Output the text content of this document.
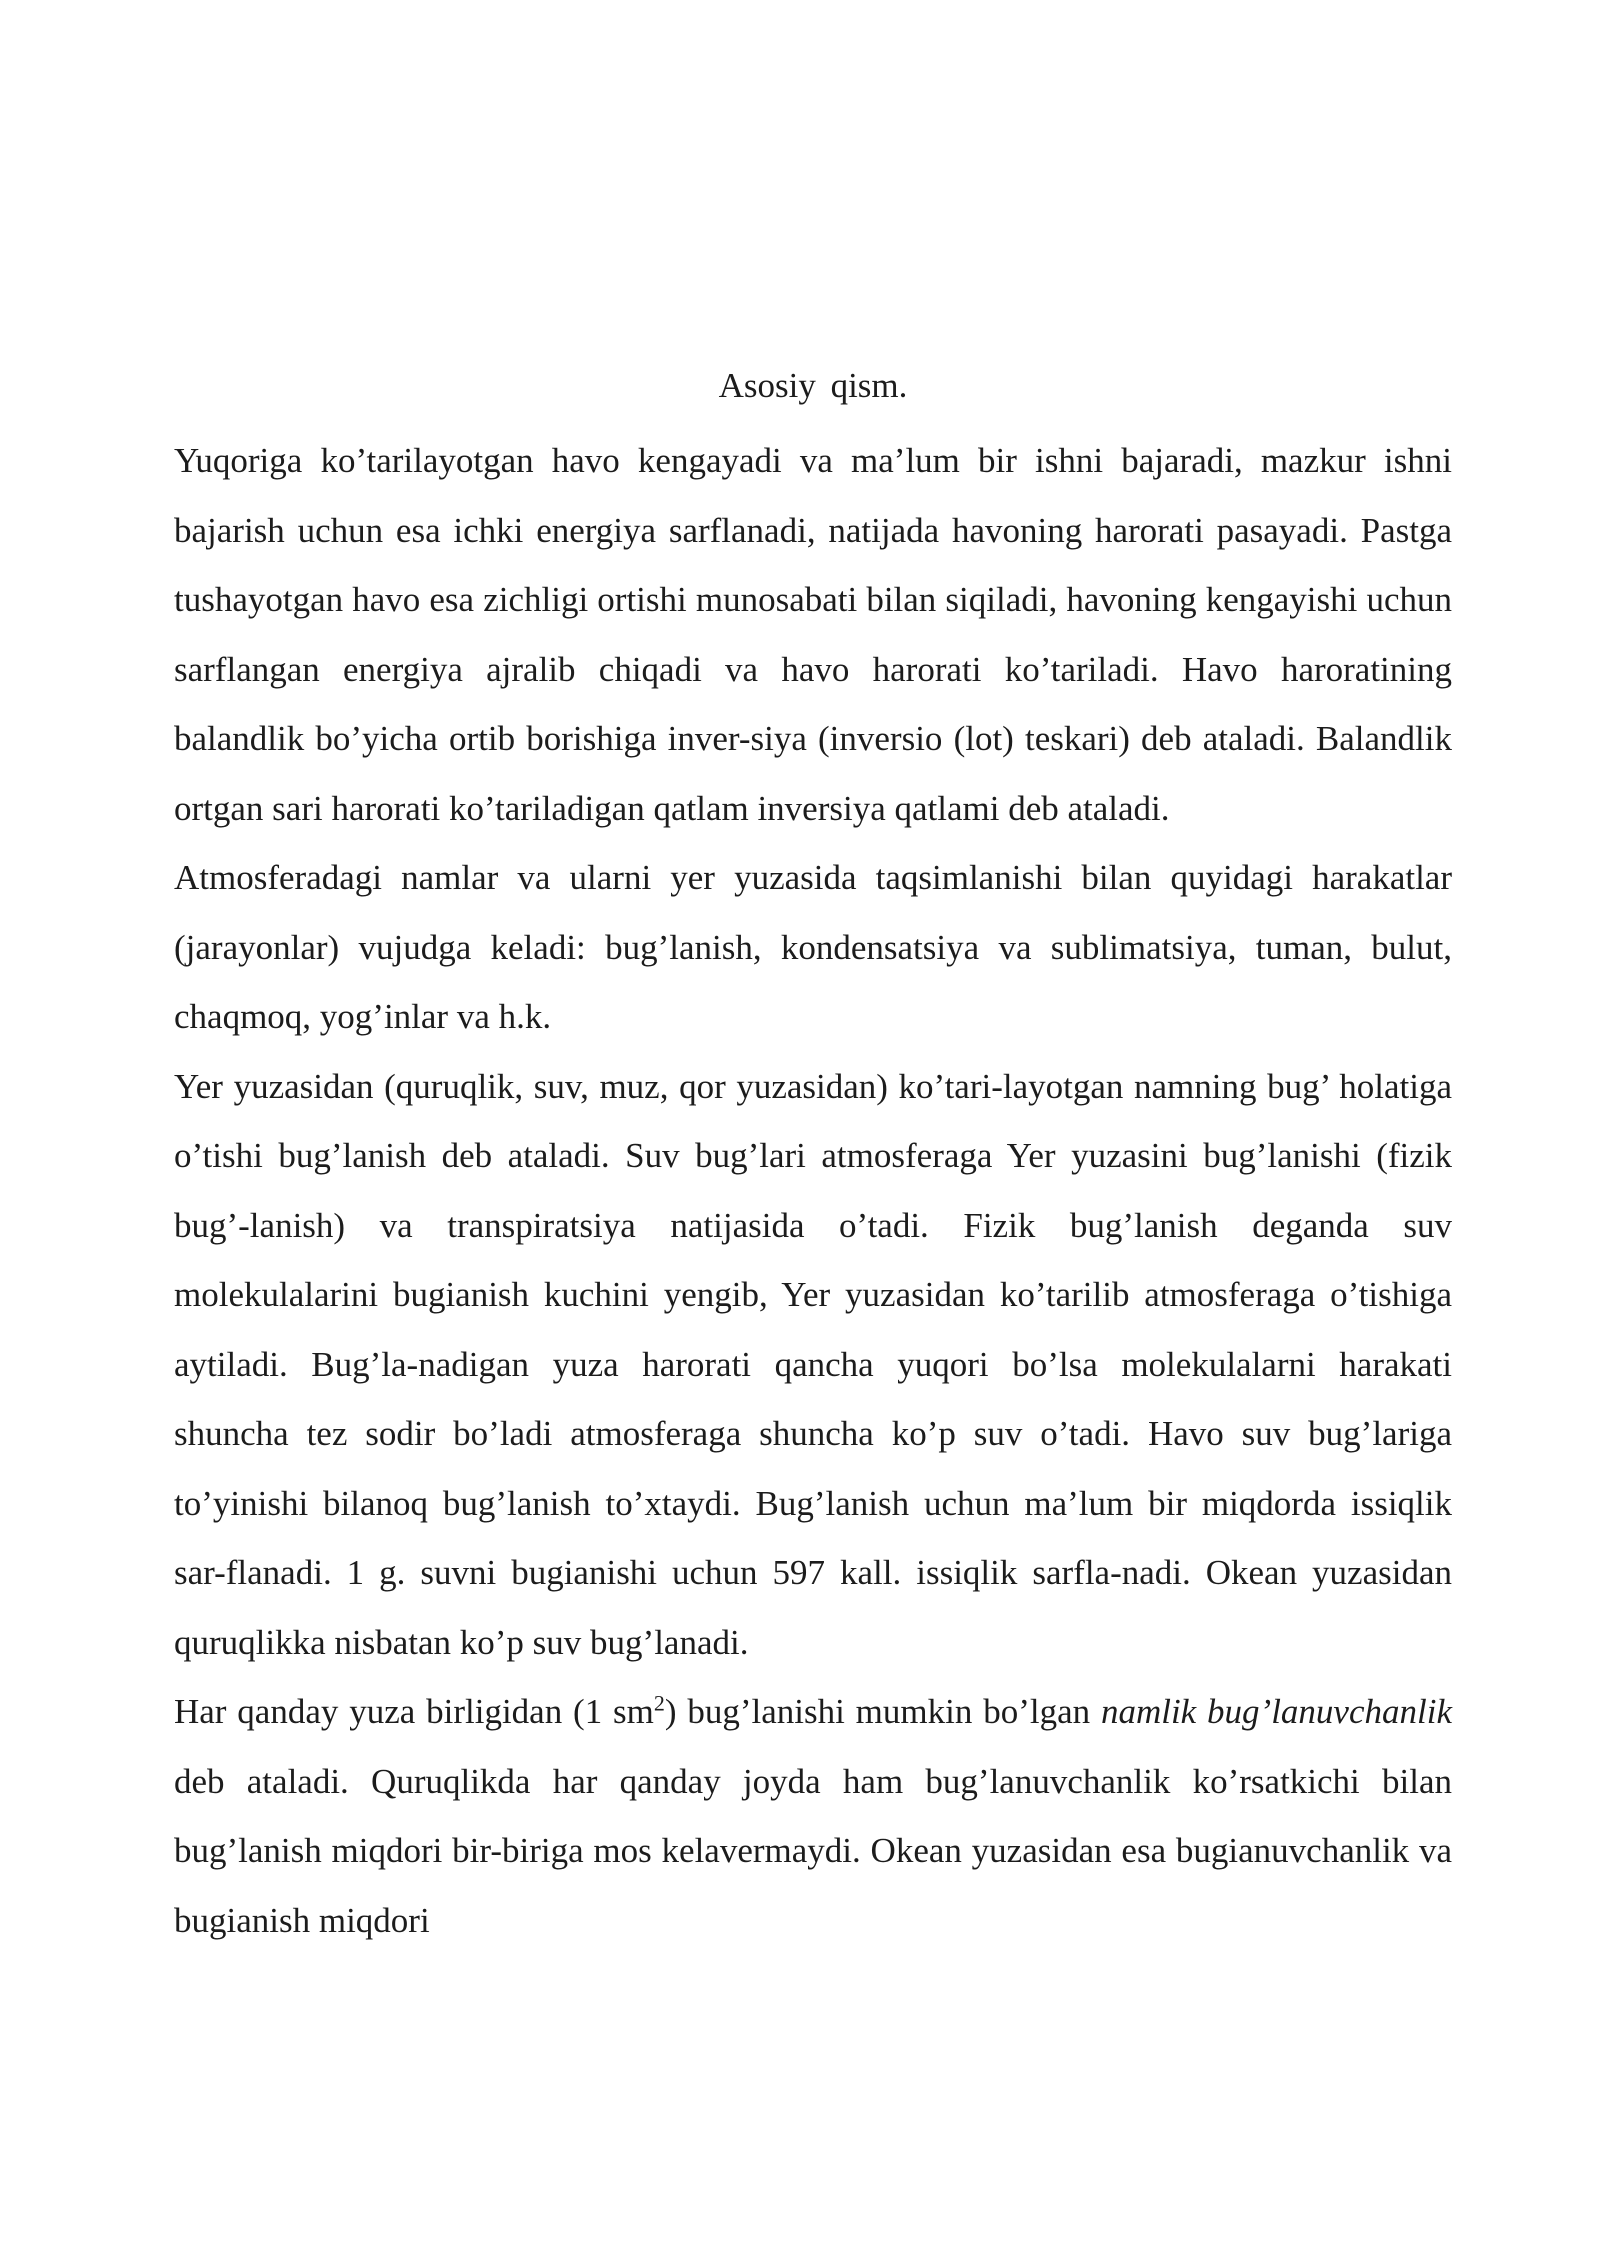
Asosiy qism.

Yuqoriga ko’tarilayotgan havo kengayadi va ma’lum bir ishni bajaradi, mazkur ishni bajarish uchun esa ichki energiya sarflanadi, natijada havoning harorati pasayadi. Pastga tushayotgan havo esa zichligi ortishi munosabati bilan siqiladi, havoning kengayishi uchun sarflangan energiya ajralib chiqadi va havo harorati ko’tariladi. Havo haroratining balandlik bo’yicha ortib borishiga inver-siya (inversio (lot) teskari) deb ataladi. Balandlik ortgan sari harorati ko’tariladigan qatlam inversiya qatlami deb ataladi.

Atmosferadagi namlar va ularni yer yuzasida taqsimlanishi bilan quyidagi harakatlar (jarayonlar) vujudga keladi: bug’lanish, kondensatsiya va sublimatsiya, tuman, bulut, chaqmoq, yog’inlar va h.k.

Yer yuzasidan (quruqlik, suv, muz, qor yuzasidan) ko’tari-layotgan namning bug’ holatiga o’tishi bug’lanish deb ataladi. Suv bug’lari atmosferaga Yer yuzasini bug’lanishi (fizik bug’-lanish) va transpiratsiya natijasida o’tadi. Fizik bug’lanish deganda suv molekulalarini bugianish kuchini yengib, Yer yuzasidan ko’tarilib atmosferaga o’tishiga aytiladi. Bug’la-nadigan yuza harorati qancha yuqori bo’lsa molekulalarni harakati shuncha tez sodir bo’ladi atmosferaga shuncha ko’p suv o’tadi. Havo suv bug’lariga to’yinishi bilanoq bug’lanish to’xtaydi. Bug’lanish uchun ma’lum bir miqdorda issiqlik sar-flanadi. 1 g. suvni bugianishi uchun 597 kall. issiqlik sarfla-nadi. Okean yuzasidan quruqlikka nisbatan ko’p suv bug’lanadi.

Har qanday yuza birligidan (1 $sm^2$) bug’lanishi mumkin bo’lgan namlik bug’lanuvchanlik deb ataladi. Quruqlikda har qanday joyda ham bug’lanuvchanlik ko’rsatkichi bilan bug’lanish miqdori bir-biriga mos kelavermaydi. Okean yuzasidan esa bugianuvchanlik va bugianish miqdori
